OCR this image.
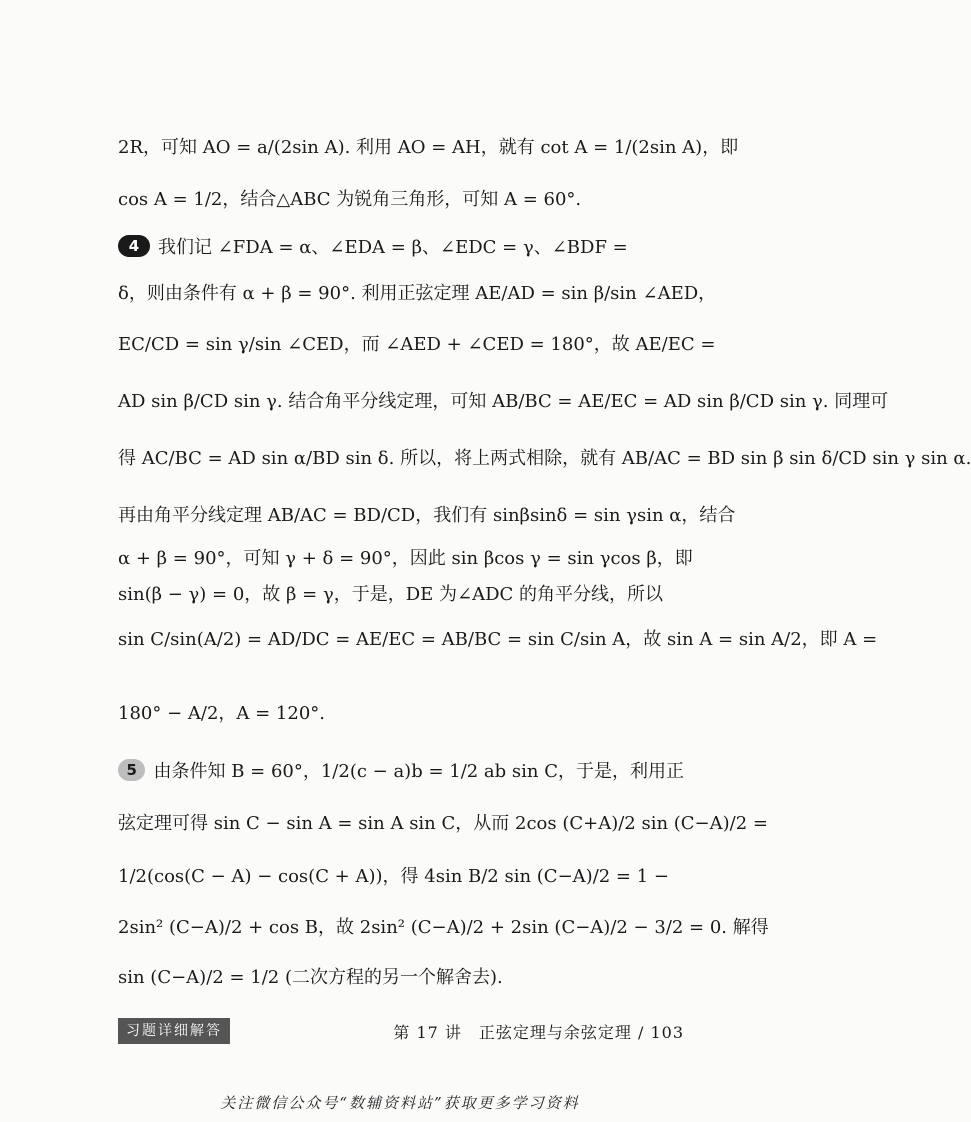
2R，可知 AO = a/(2sin A). 利用 AO = AH，就有 cot A = 1/(2sin A)，即
cos A = 1/2，结合△ABC 为锐角三角形，可知 A = 60°.
4	我们记 ∠FDA = α、∠EDA = β、∠EDC = γ、∠BDF =
δ，则由条件有 α + β = 90°. 利用正弦定理 AE/AD = sin β/sin ∠AED，
EC/CD = sin γ/sin ∠CED，而 ∠AED + ∠CED = 180°，故 AE/EC =
AD sin β/CD sin γ. 结合角平分线定理，可知 AB/BC = AE/EC = AD sin β/CD sin γ. 同理可
得 AC/BC = AD sin α/BD sin δ. 所以，将上两式相除，就有 AB/AC = BD sin β sin δ/CD sin γ sin α.
再由角平分线定理 AB/AC = BD/CD，我们有 sinβsinδ = sin γsin α，结合
α + β = 90°，可知 γ + δ = 90°，因此 sin βcos γ = sin γcos β，即
sin(β − γ) = 0，故 β = γ，于是，DE 为∠ADC 的角平分线，所以
sin C/sin(A/2) = AD/DC = AE/EC = AB/BC = sin C/sin A，故 sin A = sin A/2，即 A =
180° − A/2，A = 120°.
5 由条件知 B = 60°，1/2(c − a)b = 1/2 ab sin C，于是，利用正
弦定理可得 sin C − sin A = sin A sin C，从而 2cos (C+A)/2 sin (C−A)/2 =
1/2(cos(C − A) − cos(C + A))，得 4sin B/2 sin (C−A)/2 = 1 −
2sin² (C−A)/2 + cos B，故 2sin² (C−A)/2 + 2sin (C−A)/2 − 3/2 = 0. 解得
sin (C−A)/2 = 1/2 (二次方程的另一个解舍去).
习题详细解答	第 17 讲　正弦定理与余弦定理 / 103
关注微信公众号“数辅资料站”获取更多学习资料
